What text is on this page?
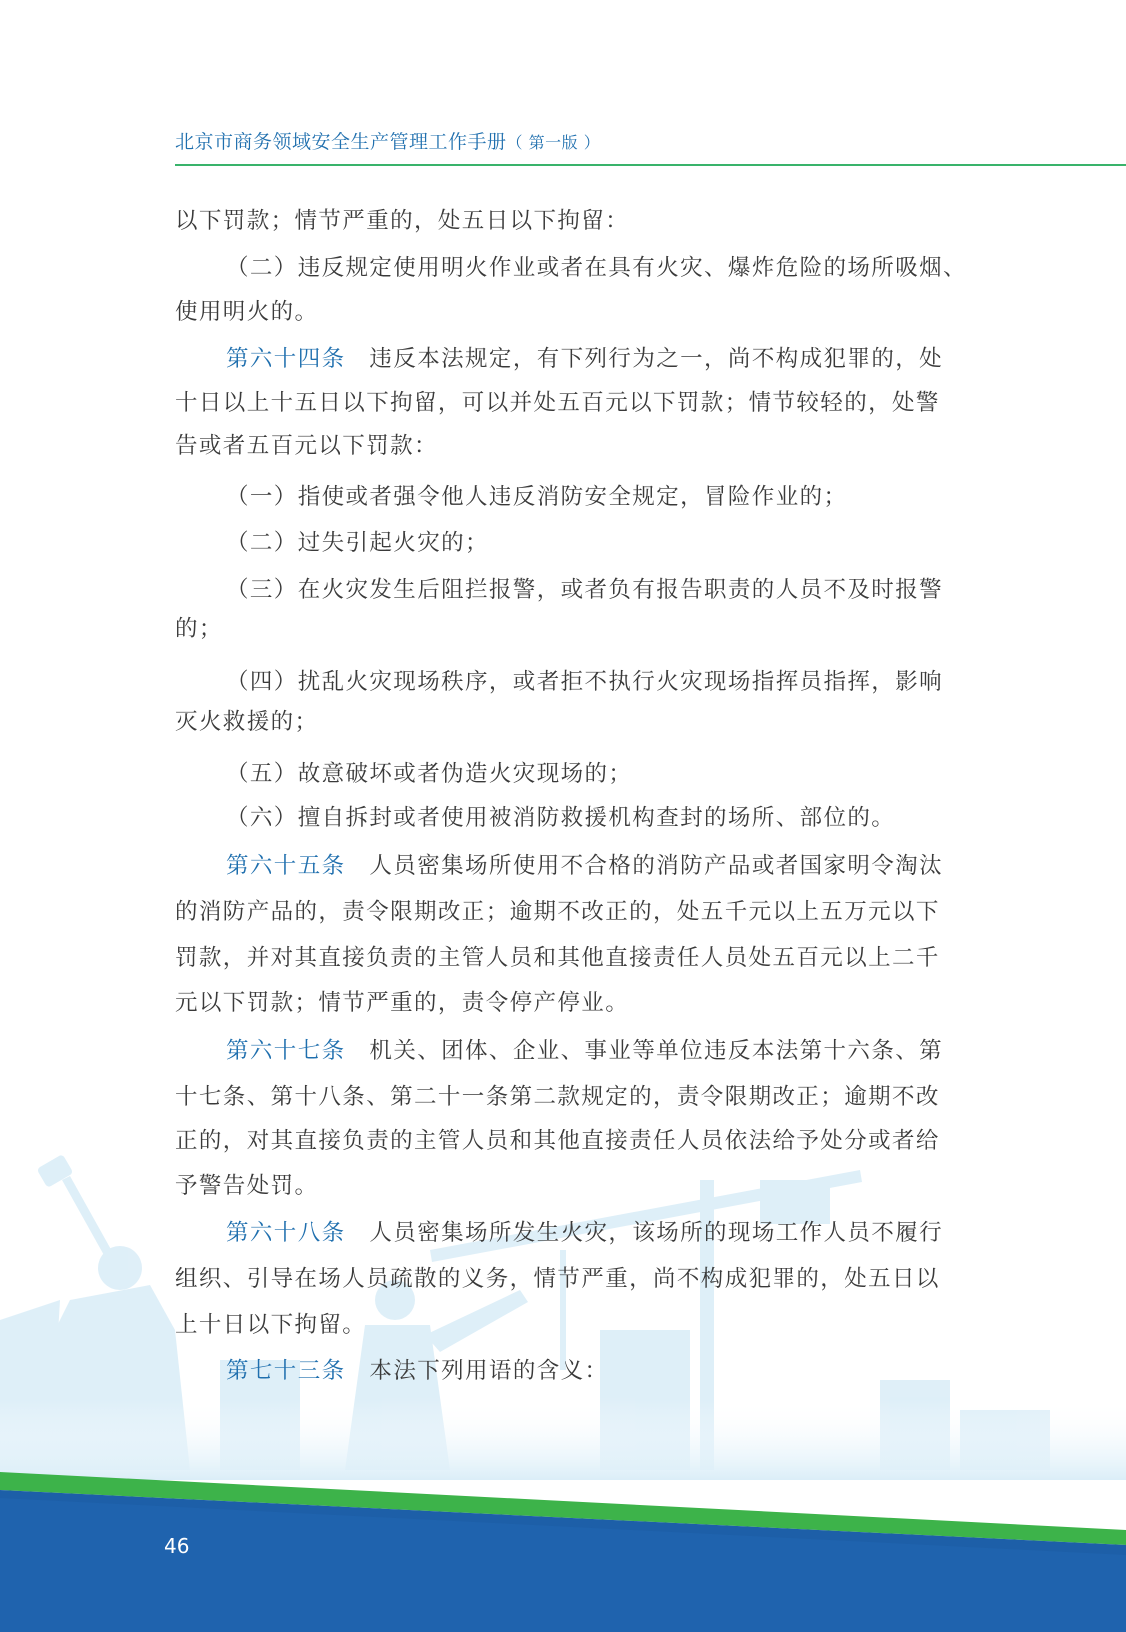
北京市商务领域安全生产管理工作手册（ 第一版 ）
以下罚款；情节严重的，处五日以下拘留：
（二）违反规定使用明火作业或者在具有火灾、爆炸危险的场所吸烟、
使用明火的。
第六十四条　 违反本法规定，有下列行为之一，尚不构成犯罪的，处
十日以上十五日以下拘留，可以并处五百元以下罚款；情节较轻的，处警
告或者五百元以下罚款：
（一）指使或者强令他人违反消防安全规定，冒险作业的；
（二）过失引起火灾的；
（三）在火灾发生后阻拦报警，或者负有报告职责的人员不及时报警
的；
（四）扰乱火灾现场秩序，或者拒不执行火灾现场指挥员指挥，影响
灭火救援的；
（五）故意破坏或者伪造火灾现场的；
（六）擅自拆封或者使用被消防救援机构查封的场所、部位的。
第六十五条　 人员密集场所使用不合格的消防产品或者国家明令淘汰
的消防产品的，责令限期改正；逾期不改正的，处五千元以上五万元以下
罚款，并对其直接负责的主管人员和其他直接责任人员处五百元以上二千
元以下罚款；情节严重的，责令停产停业。
第六十七条　 机关、团体、企业、事业等单位违反本法第十六条、第
十七条、第十八条、第二十一条第二款规定的，责令限期改正；逾期不改
正的，对其直接负责的主管人员和其他直接责任人员依法给予处分或者给
予警告处罚。
第六十八条　 人员密集场所发生火灾，该场所的现场工作人员不履行
组织、引导在场人员疏散的义务，情节严重，尚不构成犯罪的，处五日以
上十日以下拘留。
第七十三条　 本法下列用语的含义：
46
